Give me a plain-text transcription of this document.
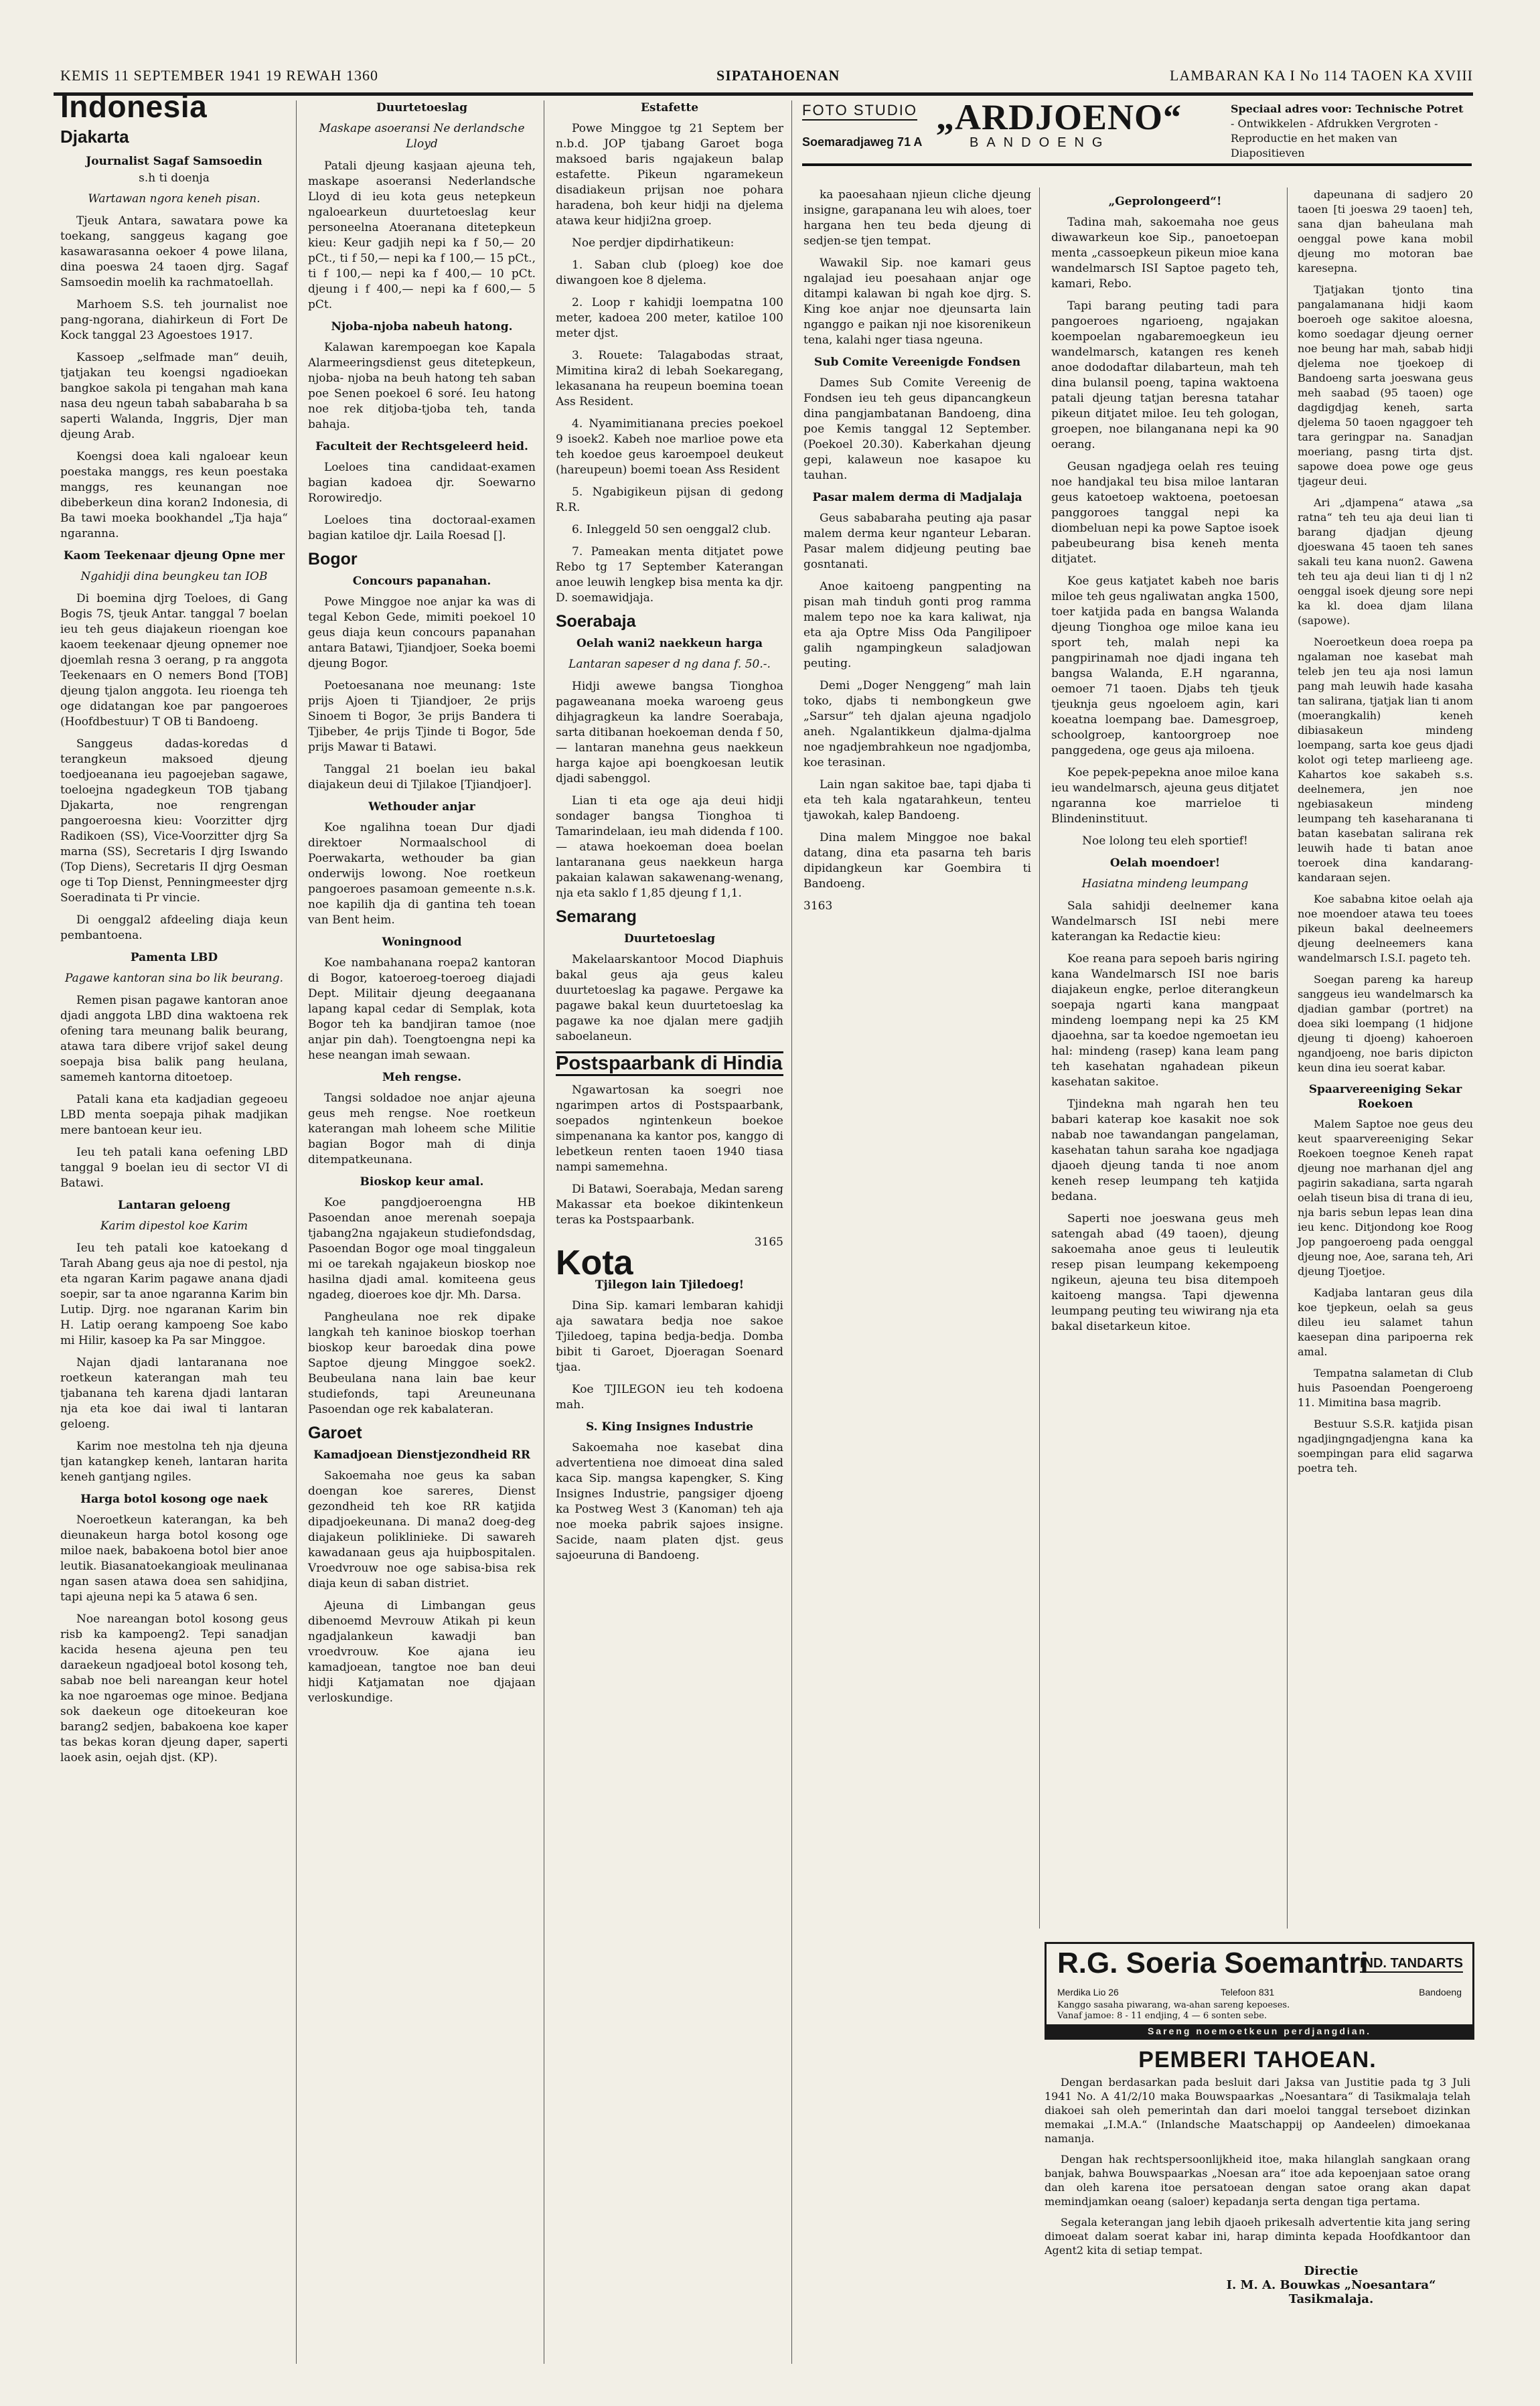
KEMIS 11 SEPTEMBER 1941 19 REWAH 1360	SIPATAHOENAN	LAMBARAN KA I No 114 TAOEN KA XVIII
Indonesia
Djakarta
Journalist Sagaf Samsoedin
s.h ti doenja
Wartawan ngora keneh pisan.

Tjeuk Antara, sawatara powe ka toekang, sanggeus kagang goe kasawarasanna oekoer 4 powe lilana, dina poeswa 24 taoen djrg. Sagaf Samsoedin moelih ka rachmatoellah.

Marhoem S.S. teh journalist noe pang-ngorana, diahirkeun di Fort De Kock tanggal 23 Agoestoes 1917.

Kassoep „selfmade man“ deuih, tjatjakan teu koengsi ngadioekan bangkoe sakola pi tengahan mah kana nasa deu ngeun tabah sababaraha b sa saperti Walanda, Inggris, Djer man djeung Arab.

Koengsi doea kali ngaloear keun poestaka manggs, res keun poestaka manggs, res keunangan noe dibeberkeun dina koran2 Indonesia, di Ba tawi moeka bookhandel „Tja haja“ ngaranna.

Kaom Teekenaar djeung Opne mer
Ngahidji dina beungkeu tan IOB

Di boemina djrg Toeloes, di Gang Bogis 7S, tjeuk Antar. tanggal 7 boelan ieu teh geus diajakeun rioengan koe kaoem teekenaar djeung opnemer noe djoemlah resna 3 oerang, p ra anggota Teekenaars en O nemers Bond [TOB] djeung tjalon anggota. Ieu rioenga teh oge didatangan koe par pangoeroes (Hoofdbestuur) T OB ti Bandoeng.

Sanggeus dadas-koredas d terangkeun maksoed djeung toedjoeanana ieu pagoejeban sagawe, toeloejna ngadegkeun TOB tjabang Djakarta, noe rengrengan pangoeroesna kieu: Voorzitter djrg Radikoen (SS), Vice-Voorzitter djrg Sa marna (SS), Secretaris I djrg Iswando (Top Diens), Secretaris II djrg Oesman oge ti Top Dienst, Penningmeester djrg Soeradinata ti Pr vincie.

Di oenggal2 afdeeling diaja keun pembantoena.

Pamenta LBD
Pagawe kantoran sina bo lik beurang.

Remen pisan pagawe kantoran anoe djadi anggota LBD dina waktoena rek ofening tara meunang balik beurang, atawa tara dibere vrijof sakel deung soepaja bisa balik pang heulana, samemeh kantorna ditoetoep.

Patali kana eta kadjadian gegeoeu LBD menta soepaja pihak madjikan mere bantoean keur ieu.

Ieu teh patali kana oefening LBD tanggal 9 boelan ieu di sector VI di Batawi.

Lantaran geloeng
Karim dipestol koe Karim

Ieu teh patali koe katoekang d Tarah Abang geus aja noe di pestol, nja eta ngaran Karim pagawe anana djadi soepir, sar ta anoe ngaranna Karim bin Lutip. Djrg. noe ngaranan Karim bin H. Latip oerang kampoeng Soe kabo mi Hilir, kasoep ka Pa sar Minggoe.

Najan djadi lantaranana noe roetkeun katerangan mah teu tjabanana teh karena djadi lantaran nja eta koe dai iwal ti lantaran geloeng.

Karim noe mestolna teh nja djeuna tjan katangkep keneh, lantaran harita keneh gantjang ngiles.

Harga botol kosong oge naek

Noeroetkeun katerangan, ka beh dieunakeun harga botol kosong oge miloe naek, babakoena botol bier anoe leutik. Biasanatoekangioak meulinanaa ngan sasen atawa doea sen sahidjina, tapi ajeuna nepi ka 5 atawa 6 sen.

Noe nareangan botol kosong geus risb ka kampoeng2. Tepi sanadjan kacida hesena ajeuna pen teu daraekeun ngadjoeal botol kosong teh, sabab noe beli nareangan keur hotel ka noe ngaroemas oge minoe. Bedjana sok daekeun oge ditoekeuran koe barang2 sedjen, babakoena koe kaper tas bekas koran djeung daper, saperti laoek asin, oejah djst. (KP).

Duurtetoeslag
Maskape asoeransi Ne derlandsche Lloyd

Patali djeung kasjaan ajeuna teh, maskape asoeransi Nederlandsche Lloyd di ieu kota geus netepkeun ngaloearkeun duurtetoeslag keur personeelna Atoeranana ditetepkeun kieu: Keur gadjih nepi ka f 50,— 20 pCt., ti f 50,— nepi ka f 100,— 15 pCt., ti f 100,— nepi ka f 400,— 10 pCt. djeung i f 400,— nepi ka f 600,— 5 pCt.

Njoba-njoba nabeuh hatong.

Kalawan karempoegan koe Kapala Alarmeeringsdienst geus ditetepkeun, njoba- njoba na beuh hatong teh saban poe Senen poekoel 6 soré. Ieu hatong noe rek ditjoba-tjoba teh, tanda bahaja.

Faculteit der Rechtsgeleerd heid.

Loeloes tina candidaat-examen bagian kadoea djr. Soewarno Rorowiredjo.

Loeloes tina doctoraal-examen bagian katiloe djr. Laila Roesad [].

Bogor
Concours papanahan.

Powe Minggoe noe anjar ka was di tegal Kebon Gede, mimiti poekoel 10 geus diaja keun concours papanahan antara Batawi, Tjiandjoer, Soeka boemi djeung Bogor.

Poetoesanana noe meunang: 1ste prijs Ajoen ti Tjiandjoer, 2e prijs Sinoem ti Bogor, 3e prijs Bandera ti Tjibeber, 4e prijs Tjinde ti Bogor, 5de prijs Mawar ti Batawi.

Tanggal 21 boelan ieu bakal diajakeun deui di Tjilakoe [Tjiandjoer].

Wethouder anjar

Koe ngalihna toean Dur djadi direktoer Normaalschool di Poerwakarta, wethouder ba gian onderwijs lowong. Noe roetkeun pangoeroes pasamoan gemeente n.s.k. noe kapilih dja di gantina teh toean van Bent heim.

Woningnood

Koe nambahanana roepa2 kantoran di Bogor, katoeroeg-toeroeg diajadi Dept. Militair djeung deegaanana lapang kapal cedar di Semplak, kota Bogor teh ka bandjiran tamoe (noe anjar pin dah). Toengtoengna nepi ka hese neangan imah sewaan.

Meh rengse.

Tangsi soldadoe noe anjar ajeuna geus meh rengse. Noe roetkeun katerangan mah loheem sche Militie bagian Bogor mah di dinja ditempatkeunana.

Bioskop keur amal.

Koe pangdjoeroengna HB Pasoendan anoe merenah soepaja tjabang2na ngajakeun studiefondsdag, Pasoendan Bogor oge moal tinggaleun mi oe tarekah ngajakeun bioskop noe hasilna djadi amal. komiteena geus ngadeg, dioeroes koe djr. Mh. Darsa.

Pangheulana noe rek dipake langkah teh kaninoe bioskop toerhan bioskop keur baroedak dina powe Saptoe djeung Minggoe soek2. Beubeulana nana lain bae keur studiefonds, tapi Areuneunana Pasoendan oge rek kabalateran.

Garoet
Kamadjoean Dienstjezondheid RR

Sakoemaha noe geus ka saban doengan koe sareres, Dienst gezondheid teh koe RR katjida dipadjoekeunana. Di mana2 doeg-deg diajakeun poliklinieke. Di sawareh kawadanaan geus aja huipbospitalen. Vroedvrouw noe oge sabisa-bisa rek diaja keun di saban distriet.

Ajeuna di Limbangan geus dibenoemd Mevrouw Atikah pi keun ngadjalankeun kawadji ban vroedvrouw. Koe ajana ieu kamadjoean, tangtoe noe ban deui hidji Katjamatan noe djajaan verloskundige.

Estafette

Powe Minggoe tg 21 Septem ber n.b.d. JOP tjabang Garoet boga maksoed baris ngajakeun balap estafette. Pikeun ngaramekeun disadiakeun prijsan noe pohara haradena, boh keur hidji na djelema atawa keur hidji2na groep.

Noe perdjer dipdirhatikeun:

1. Saban club (ploeg) koe doe diwangoen koe 8 djelema.

2. Loop r kahidji loempatna 100 meter, kadoea 200 meter, katiloe 100 meter djst.

3. Rouete: Talagabodas straat, Mimitina kira2 di lebah Soekaregang, lekasanana ha reupeun boemina toean Ass Resident.

4. Nyamimitianana precies poekoel 9 isoek2. Kabeh noe marlioe powe eta teh koedoe geus karoempoel deukeut (hareupeun) boemi toean Ass Resident

5. Ngabigikeun pijsan di gedong R.R.

6. Inleggeld 50 sen oenggal2 club.

7. Pameakan menta ditjatet powe Rebo tg 17 September Katerangan anoe leuwih lengkep bisa menta ka djr. D. soemawidjaja.

Soerabaja
Oelah wani2 naekkeun harga
Lantaran sapeser d ng dana f. 50.-.

Hidji awewe bangsa Tionghoa pagaweanana moeka waroeng geus dihjagragkeun ka landre Soerabaja, sarta ditibanan hoekoeman denda f 50,— lantaran manehna geus naekkeun harga kajoe api boengkoesan leutik djadi sabenggol.

Lian ti eta oge aja deui hidji sondager bangsa Tionghoa ti Tamarindelaan, ieu mah didenda f 100.— atawa hoekoeman doea boelan lantaranana geus naekkeun harga pakaian kalawan sakawenang-wenang, nja eta saklo f 1,85 djeung f 1,1.

Semarang
Duurtetoeslag

Makelaarskantoor Mocod Diaphuis bakal geus aja geus kaleu duurtetoeslag ka pagawe. Pergawe ka pagawe bakal keun duurtetoeslag ka pagawe ka noe djalan mere gadjih saboelaneun.

Postspaarbank di Hindia

Ngawartosan ka soegri noe ngarimpen artos di Postspaarbank, soepados ngintenkeun boekoe simpenanana ka kantor pos, kanggo di lebetkeun renten taoen 1940 tiasa nampi samemehna.

Di Batawi, Soerabaja, Medan sareng Makassar eta boekoe dikintenkeun teras ka Postspaarbank.

3165
Kota
Tjilegon lain Tjiledoeg!

Dina Sip. kamari lembaran kahidji aja sawatara bedja noe sakoe Tjiledoeg, tapina bedja-bedja. Domba bibit ti Garoet, Djoeragan Soenard tjaa.

Koe TJILEGON ieu teh kodoena mah.

S. King Insignes Industrie

Sakoemaha noe kasebat dina advertentiena noe dimoeat dina saled kaca Sip. mangsa kapengker, S. King Insignes Industrie, pangsiger djoeng ka Postweg West 3 (Kanoman) teh aja noe moeka pabrik sajoes insigne. Sacide, naam platen djst. geus sajoeuruna di Bandoeng.

FOTO STUDIO „ARDJOENO“
Soemaradjaweg 71 A	BANDOENG
Speciaal adres voor: Technische Potret
- Ontwikkelen - Afdrukken Vergroten - Reproductie en het maken van Diapositieven

ka paoesahaan njieun cliche djeung insigne, garapanana leu wih aloes, toer hargana hen teu beda djeung di sedjen-se tjen tempat.

Wawakil Sip. noe kamari geus ngalajad ieu poesahaan anjar oge ditampi kalawan bi ngah koe djrg. S. King koe anjar noe djeunsarta lain nganggo e paikan nji noe kisorenikeun tena, kalahi nger tiasa ngeuna.

Sub Comite Vereenigde Fondsen

Dames Sub Comite Vereenig de Fondsen ieu teh geus dipancangkeun dina pangjambatanan Bandoeng, dina poe Kemis tanggal 12 September. (Poekoel 20.30). Kaberkahan djeung gepi, kalaweun noe kasapoe ku tauhan.

Pasar malem derma di Madjalaja

Geus sababaraha peuting aja pasar malem derma keur nganteur Lebaran. Pasar malem didjeung peuting bae gosntanati.

Anoe kaitoeng pangpenting na pisan mah tinduh gonti prog ramma malem tepo noe ka kara kaliwat, nja eta aja Optre Miss Oda Pangilipoer galih ngampingkeun saladjowan peuting.

Demi „Doger Nenggeng“ mah lain toko, djabs ti nembongkeun gwe „Sarsur“ teh djalan ajeuna ngadjolo aneh. Ngalantikkeun djalma-djalma noe ngadjembrahkeun noe ngadjomba, koe terasinan.

Lain ngan sakitoe bae, tapi djaba ti eta teh kala ngatarahkeun, tenteu tjawokah, kalep Bandoeng.

Dina malem Minggoe noe bakal datang, dina eta pasarna teh baris dipidangkeun kar Goembira ti Bandoeng.

3163
„Geprolongeerd“!

Tadina mah, sakoemaha noe geus diwawarkeun koe Sip., panoetoepan menta „cassoepkeun pikeun mioe kana wandelmarsch ISI Saptoe pageto teh, kamari, Rebo.

Tapi barang peuting tadi para pangoeroes ngarioeng, ngajakan koempoelan ngabaremoegkeun ieu wandelmarsch, katangen res keneh anoe dododaftar dilabarteun, mah teh dina bulansil poeng, tapina waktoena patali djeung tatjan beresna tatahar pikeun ditjatet miloe. Ieu teh gologan, groepen, noe bilanganana nepi ka 90 oerang.

Geusan ngadjega oelah res teuing noe handjakal teu bisa miloe lantaran geus katoetoep waktoena, poetoesan panggoroes tanggal nepi ka diombeluan nepi ka powe Saptoe isoek pabeubeurang bisa keneh menta ditjatet.

Koe geus katjatet kabeh noe baris miloe teh geus ngaliwatan angka 1500, toer katjida pada en bangsa Walanda djeung Tionghoa oge miloe kana ieu sport teh, malah nepi ka pangpirinamah noe djadi ingana teh bangsa Walanda, E.H ngaranna, oemoer 71 taoen. Djabs teh tjeuk tjeuknja geus ngoeloem agin, kari koeatna loempang bae. Damesgroep, schoolgroep, kantoorgroep noe panggedena, oge geus aja miloena.

Koe pepek-pepekna anoe miloe kana ieu wandelmarsch, ajeuna geus ditjatet ngaranna koe marrieloe ti Blindeninstituut.

Noe lolong teu eleh sportief!
Oelah moendoer!
Hasiatna mindeng leumpang

Sala sahidji deelnemer kana Wandelmarsch ISI nebi mere katerangan ka Redactie kieu:

Koe reana para sepoeh baris ngiring kana Wandelmarsch ISI noe baris diajakeun engke, perloe diterangkeun soepaja ngarti kana mangpaat mindeng loempang nepi ka 25 KM djaoehna, sar ta koedoe ngemoetan ieu hal: mindeng (rasep) kana leam pang teh kasehatan ngahadean pikeun kasehatan sakitoe.

Tjindekna mah ngarah hen teu babari katerap koe kasakit noe sok nabab noe tawandangan pangelaman, kasehatan tahun saraha koe ngadjaga djaoeh djeung tanda ti noe anom keneh resep leumpang teh katjida bedana.

Saperti noe joeswana geus meh satengah abad (49 taoen), djeung sakoemaha anoe geus ti leuleutik resep pisan leumpang kekempoeng ngikeun, ajeuna teu bisa ditempoeh kaitoeng mangsa. Tapi djewenna leumpang peuting teu wiwirang nja eta bakal disetarkeun kitoe.

dapeunana di sadjero 20 taoen [ti joeswa 29 taoen] teh, sana djan baheulana mah oenggal powe kana mobil djeung mo motoran bae karesepna.

Tjatjakan tjonto tina pangalamanana hidji kaom boeroeh oge sakitoe aloesna, komo soedagar djeung oerner noe beung har mah, sabab hidji djelema noe tjoekoep di Bandoeng sarta joeswana geus meh saabad (95 taoen) oge dagdigdjag keneh, sarta djelema 50 taoen ngaggoer teh tara geringpar na. Sanadjan moeriang, pasng tirta djst. sapowe doea powe oge geus tjageur deui.

Ari „djampena“ atawa „sa ratna“ teh teu aja deui lian ti barang djadjan djeung djoeswana 45 taoen teh sanes sakali teu kana nuon2. Gawena teh teu aja deui lian ti dj l n2 oenggal isoek djeung sore nepi ka kl. doea djam lilana (sapowe).

Noeroetkeun doea roepa pa ngalaman noe kasebat mah teleb jen teu aja nosi lamun pang mah leuwih hade kasaha tan salirana, tjatjak lian ti anom (moerangkalih) keneh dibiasakeun mindeng loempang, sarta koe geus djadi kolot ogi tetep marlieeng age. Kahartos koe sakabeh s.s. deelnemera, jen noe ngebiasakeun mindeng leumpang teh kaseharanana ti batan kasebatan salirana rek leuwih hade ti batan anoe toeroek dina kandarang-kandaraan sejen.

Koe sababna kitoe oelah aja noe moendoer atawa teu toees pikeun bakal deelneemers djeung deelneemers kana wandelmarsch I.S.I. pageto teh.

Soegan pareng ka hareup sanggeus ieu wandelmarsch ka djadian gambar (portret) na doea siki loempang (1 hidjone djeung ti djoeng) kahoeroen ngandjoeng, noe baris dipicton keun dina ieu soerat kabar.

Spaarvereeniging Sekar Roekoen

Malem Saptoe noe geus deu keut spaarvereeniging Sekar Roekoen toegnoe Keneh rapat djeung noe marhanan djel ang pagirin sakadiana, sarta ngarah oelah tiseun bisa di trana di ieu, nja baris sebun lepas lean dina ieu kenc. Ditjondong koe Roog Jop pangoeroeng pada oenggal djeung noe, Aoe, sarana teh, Ari djeung Tjoetjoe.

Kadjaba lantaran geus dila koe tjepkeun, oelah sa geus dileu ieu salamet tahun kaesepan dina paripoerna rek amal.

Tempatna salametan di Club huis Pasoendan Poengeroeng 11. Mimitina basa magrib.

Bestuur S.S.R. katjida pisan ngadjingngadjengna kana ka soempingan para elid sagarwa poetra teh.

R.G. Soeria Soemantri
IND. TANDARTS
Merdika Lio 26	Telefoon 831	Bandoeng
Kanggo sasaha piwarang, wa-ahan sareng kepoeses.
Vanaf jamoe: 8 - 11 endjing, 4 — 6 sonten sebe.
Sareng noemoetkeun perdjangdian.
PEMBERI TAHOEAN.

Dengan berdasarkan pada besluit dari Jaksa van Justitie pada tg 3 Juli 1941 No. A 41/2/10 maka Bouwspaarkas „Noesantara“ di Tasikmalaja telah diakoei sah oleh pemerintah dan dari moeloi tanggal terseboet dizinkan memakai „I.M.A.“ (Inlandsche Maatschappij op Aandeelen) dimoekanaa namanja.

Dengan hak rechtspersoonlijkheid itoe, maka hilanglah sangkaan orang banjak, bahwa Bouwspaarkas „Noesan ara“ itoe ada kepoenjaan satoe orang dan oleh karena itoe persatoean dengan satoe orang akan dapat memindjamkan oeang (saloer) kepadanja serta dengan tiga pertama.

Segala keterangan jang lebih djaoeh prikesalh advertentie kita jang sering dimoeat dalam soerat kabar ini, harap diminta kepada Hoofdkantoor dan Agent2 kita di setiap tempat.

Directie
I. M. A. Bouwkas „Noesantara“
Tasikmalaja.
